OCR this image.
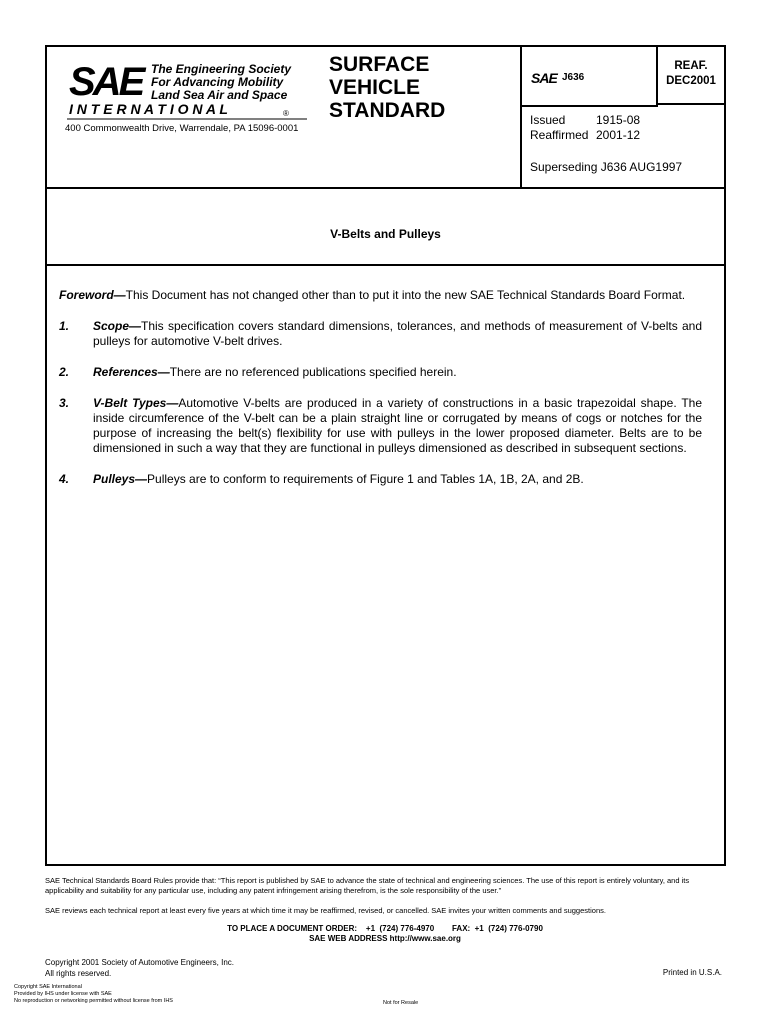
SAE The Engineering Society
For Advancing Mobility
Land Sea Air and Space
I N T E R N A T I O N A L	®
400 Commonwealth Drive, Warrendale, PA 15096-0001
SURFACE
VEHICLE
STANDARD
SAE J636
REAF.
DEC2001
Issued	1915-08
Reaffirmed 2001-12
Superseding J636 AUG1997
V-Belts and Pulleys

Foreword—This Document has not changed other than to put it into the new SAE Technical Standards Board Format.

1. Scope—This specification covers standard dimensions, tolerances, and methods of measurement of V-belts and pulleys for automotive V-belt drives.
2. References—There are no referenced publications specified herein.
3. V-Belt Types—Automotive V-belts are produced in a variety of constructions in a basic trapezoidal shape. The inside circumference of the V-belt can be a plain straight line or corrugated by means of cogs or notches for the purpose of increasing the belt(s) flexibility for use with pulleys in the lower proposed diameter. Belts are to be dimensioned in such a way that they are functional in pulleys dimensioned as described in subsequent sections.
4. Pulleys—Pulleys are to conform to requirements of Figure 1 and Tables 1A, 1B, 2A, and 2B.

SAE Technical Standards Board Rules provide that: “This report is published by SAE to advance the state of technical and engineering sciences. The use of this report is entirely voluntary, and its applicability and suitability for any particular use, including any patent infringement arising therefrom, is the sole responsibility of the user.”

SAE reviews each technical report at least every five years at which time it may be reaffirmed, revised, or cancelled. SAE invites your written comments and suggestions.

TO PLACE A DOCUMENT ORDER:    +1  (724) 776-4970        FAX:  +1  (724) 776-0790
SAE WEB ADDRESS http://www.sae.org
Copyright 2001 Society of Automotive Engineers, Inc.
All rights reserved.	Printed in U.S.A.
Copyright SAE International
Provided by IHS under license with SAE
No reproduction or networking permitted without license from IHS	Not for Resale
